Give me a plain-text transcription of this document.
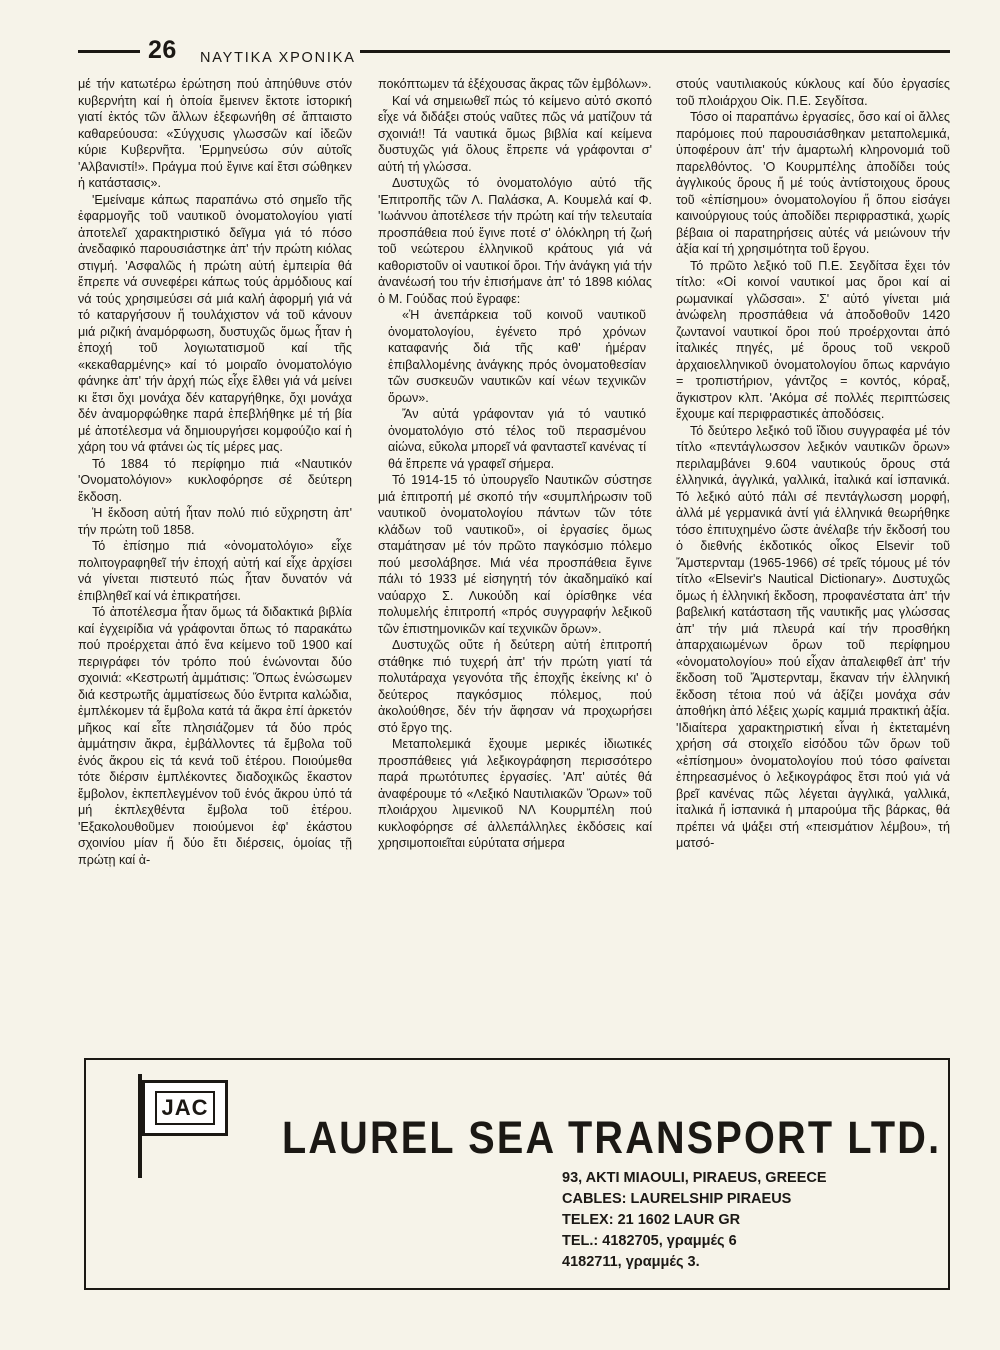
26 ΝΑΥΤΙΚΑ ΧΡΟΝΙΚΑ

μέ τήν κατωτέρω ἐρώτηση πού ἀπηύθυνε στόν κυβερνήτη καί ἡ ὁποία ἔμεινεν ἔκτοτε ἱστορική γιατί ἐκτός τῶν ἄλλων ἐξεφωνήθη σέ ἄπταιστο καθαρεύουσα: «Σύγχυσις γλωσσῶν καί ἰδεῶν κύριε Κυβερνῆτα. 'Ερμηνεύσω σύν αὐτοῖς 'Αλβανιστί!». Πράγμα πού ἔγινε καί ἔτσι σώθηκεν ἡ κατάστασις».

'Εμείναμε κάπως παραπάνω στό σημεῖο τῆς ἐφαρμογῆς τοῦ ναυτικοῦ ὀνοματολογίου γιατί ἀποτελεῖ χαρακτηριστικό δεῖγμα γιά τό πόσο ἀνεδαφικό παρουσιάστηκε ἀπ' τήν πρώτη κιόλας στιγμή. 'Ασφαλῶς ἡ πρώτη αὐτή ἐμπειρία θά ἔπρεπε νά συνεφέρει κάπως τούς ἁρμόδιους καί νά τούς χρησιμεύσει σά μιά καλή ἀφορμή γιά νά τό καταργήσουν ἤ τουλάχιστον νά τοῦ κάνουν μιά ριζική ἀναμόρφωση, δυστυχῶς ὅμως ἦταν ἡ ἐποχή τοῦ λογιωτατισμοῦ καί τῆς «κεκαθαρμένης» καί τό μοιραῖο ὀνοματολόγιο φάνηκε ἀπ' τήν ἀρχή πώς εἶχε ἔλθει γιά νά μείνει κι ἔτσι ὄχι μονάχα δέν καταργήθηκε, ὄχι μονάχα δέν ἀναμορφώθηκε παρά ἐπεβλήθηκε μέ τή βία μέ ἀποτέλεσμα νά δημιουργήσει κομφούζιο καί ἡ χάρη του νά φτάνει ὡς τίς μέρες μας.

Τό 1884 τό περίφημο πιά «Ναυτικόν 'Ονοματολόγιον» κυκλοφόρησε σέ δεύτερη ἔκδοση.

Ἡ ἔκδοση αὐτή ἦταν πολύ πιό εὔχρηστη ἀπ' τήν πρώτη τοῦ 1858.

Τό ἐπίσημο πιά «ὀνοματολόγιο» εἶχε πολιτογραφηθεῖ τήν ἐποχή αὐτή καί εἶχε ἀρχίσει νά γίνεται πιστευτό πώς ἦταν δυνατόν νά ἐπιβληθεῖ καί νά ἐπικρατήσει.

Τό ἀποτέλεσμα ἦταν ὅμως τά διδακτικά βιβλία καί ἐγχειρίδια νά γράφονται ὅπως τό παρακάτω πού προέρχεται ἀπό ἕνα κείμενο τοῦ 1900 καί περιγράφει τόν τρόπο πού ἑνώνονται δύο σχοινιά: «Κεστρωτή ἁμμάτισις: Ὅπως ἑνώσωμεν διά κεστρωτῆς ἁμματίσεως δύο ἔντριτα καλώδια, ἐμπλέκομεν τά ἔμβολα κατά τά ἄκρα ἐπί ἀρκετόν μῆκος καί εἶτε πλησιάζομεν τά δύο πρός ἁμμάτησιν ἄκρα, ἐμβάλλοντες τά ἔμβολα τοῦ ἑνός ἄκρου εἰς τά κενά τοῦ ἑτέρου. Ποιούμεθα τότε διέρσιν ἐμπλέκοντες διαδοχικῶς ἕκαστον ἔμβολον, ἐκπεπλεγμένον τοῦ ἑνός ἄκρου ὑπό τά μή ἐκπλεχθέντα ἔμβολα τοῦ ἑτέρου. 'Εξακολουθοῦμεν ποιούμενοι ἐφ' ἑκάστου σχοινίου μίαν ἤ δύο ἔτι διέρσεις, ὁμοίας τῇ πρώτῃ καί ἀ-

ποκόπτωμεν τά ἐξέχουσας ἄκρας τῶν ἐμβόλων».

Καί νά σημειωθεῖ πώς τό κείμενο αὐτό σκοπό εἶχε νά διδάξει στούς ναῦτες πῶς νά ματίζουν τά σχοινιά!! Τά ναυτικά ὅμως βιβλία καί κείμενα δυστυχῶς γιά ὅλους ἔπρεπε νά γράφονται σ' αὐτή τή γλώσσα.

Δυστυχῶς τό ὀνοματολόγιο αὐτό τῆς 'Επιτροπῆς τῶν Λ. Παλάσκα, Α. Κουμελά καί Φ. 'Ιωάννου ἀποτέλεσε τήν πρώτη καί τήν τελευταία προσπάθεια πού ἔγινε ποτέ σ' ὁλόκληρη τή ζωή τοῦ νεώτερου ἑλληνικοῦ κράτους γιά νά καθοριστοῦν οἱ ναυτικοί ὅροι. Τήν ἀνάγκη γιά τήν ἀνανέωσή του τήν ἐπισήμανε ἀπ' τό 1898 κιόλας ὁ Μ. Γούδας πού ἔγραφε:

«Ἡ ἀνεπάρκεια τοῦ κοινοῦ ναυτικοῦ ὀνοματολογίου, ἐγένετο πρό χρόνων καταφανής διά τῆς καθ' ἡμέραν ἐπιβαλλομένης ἀνάγκης πρός ὀνοματοθεσίαν τῶν συσκευῶν ναυτικῶν καί νέων τεχνικῶν ὅρων».

Ἄν αὐτά γράφονταν γιά τό ναυτικό ὀνοματολόγιο στό τέλος τοῦ περασμένου αἰώνα, εὔκολα μπορεῖ νά φανταστεῖ κανένας τί θά ἔπρεπε νά γραφεῖ σήμερα.

Τό 1914-15 τό ὑπουργεῖο Ναυτικῶν σύστησε μιά ἐπιτροπή μέ σκοπό τήν «συμπλήρωσιν τοῦ ναυτικοῦ ὀνοματολογίου πάντων τῶν τότε κλάδων τοῦ ναυτικοῦ», οἱ ἐργασίες ὅμως σταμάτησαν μέ τόν πρῶτο παγκόσμιο πόλεμο πού μεσολάβησε. Μιά νέα προσπάθεια ἔγινε πάλι τό 1933 μέ εἰσηγητή τόν ἀκαδημαϊκό καί ναύαρχο Σ. Λυκούδη καί ὁρίσθηκε νέα πολυμελής ἐπιτροπή «πρός συγγραφήν λεξικοῦ τῶν ἐπιστημονικῶν καί τεχνικῶν ὅρων».

Δυστυχῶς οὔτε ἡ δεύτερη αὐτή ἐπιτροπή στάθηκε πιό τυχερή ἀπ' τήν πρώτη γιατί τά πολυτάραχα γεγονότα τῆς ἐποχῆς ἐκείνης κι' ὁ δεύτερος παγκόσμιος πόλεμος, πού ἀκολούθησε, δέν τήν ἄφησαν νά προχωρήσει στό ἔργο της.

Μεταπολεμικά ἔχουμε μερικές ἰδιωτικές προσπάθειες γιά λεξικογράφηση περισσότερο παρά πρωτότυπες ἐργασίες. 'Απ' αὐτές θά ἀναφέρουμε τό «Λεξικό Ναυτιλιακῶν Ὅρων» τοῦ πλοιάρχου λιμενικοῦ ΝΛ Κουρμπέλη πού κυκλοφόρησε σέ ἀλλεπάλληλες ἐκδόσεις καί χρησιμοποιεῖται εὐρύτατα σήμερα

στούς ναυτιλιακούς κύκλους καί δύο ἐργασίες τοῦ πλοιάρχου Οἰκ. Π.Ε. Σεγδίτσα.

Τόσο οἱ παραπάνω ἐργασίες, ὅσο καί οἱ ἄλλες παρόμοιες πού παρουσιάσθηκαν μεταπολεμικά, ὑποφέρουν ἀπ' τήν ἁμαρτωλή κληρονομιά τοῦ παρελθόντος. 'Ο Κουρμπέλης ἀποδίδει τούς ἀγγλικούς ὅρους ἤ μέ τούς ἀντίστοιχους ὅρους τοῦ «ἐπίσημου» ὀνοματολογίου ἤ ὅπου εἰσάγει καινούργιους τούς ἀποδίδει περιφραστικά, χωρίς βέβαια οἱ παρατηρήσεις αὐτές νά μειώνουν τήν ἀξία καί τή χρησιμότητα τοῦ ἔργου.

Τό πρῶτο λεξικό τοῦ Π.Ε. Σεγδίτσα ἔχει τόν τίτλο: «Οἱ κοινοί ναυτικοί μας ὅροι καί αἱ ρωμανικαί γλῶσσαι». Σ' αὐτό γίνεται μιά ἀνώφελη προσπάθεια νά ἀποδοθοῦν 1420 ζωντανοί ναυτικοί ὅροι πού προέρχονται ἀπό ἰταλικές πηγές, μέ ὅρους τοῦ νεκροῦ ἀρχαιοελληνικοῦ ὀνοματολογίου ὅπως καρνάγιο = τροπιστήριον, γάντζος = κοντός, κόραξ, ἄγκιστρον κλπ. 'Ακόμα σέ πολλές περιπτώσεις ἔχουμε καί περιφραστικές ἀποδόσεις.

Τό δεύτερο λεξικό τοῦ ἴδιου συγγραφέα μέ τόν τίτλο «πεντάγλωσσον λεξικόν ναυτικῶν ὅρων» περιλαμβάνει 9.604 ναυτικούς ὅρους στά ἑλληνικά, ἀγγλικά, γαλλικά, ἰταλικά καί ἱσπανικά. Τό λεξικό αὐτό πάλι σέ πεντάγλωσση μορφή, ἀλλά μέ γερμανικά ἀντί γιά ἑλληνικά θεωρήθηκε τόσο ἐπιτυχημένο ὥστε ἀνέλαβε τήν ἔκδοσή του ὁ διεθνής ἐκδοτικός οἶκος Elsevir τοῦ Ἄμστερνταμ (1965-1966) σέ τρεῖς τόμους μέ τόν τίτλο «Elsevir's Nautical Dictionary». Δυστυχῶς ὅμως ἡ ἑλληνική ἔκδοση, προφανέστατα ἀπ' τήν βαβελική κατάσταση τῆς ναυτικῆς μας γλώσσας ἀπ' τήν μιά πλευρά καί τήν προσθήκη ἀπαρχαιωμένων ὅρων τοῦ περίφημου «ὀνοματολογίου» πού εἶχαν ἀπαλειφθεῖ ἀπ' τήν ἔκδοση τοῦ Ἄμστερνταμ, ἔκαναν τήν ἑλληνική ἔκδοση τέτοια πού νά ἀξίζει μονάχα σάν ἀποθήκη ἀπό λέξεις χωρίς καμμιά πρακτική ἀξία. 'Ιδιαίτερα χαρακτηριστική εἶναι ἡ ἐκτεταμένη χρήση σά στοιχεῖο εἰσόδου τῶν ὅρων τοῦ «ἐπίσημου» ὀνοματολογίου πού τόσο φαίνεται ἐπηρεασμένος ὁ λεξικογράφος ἔτσι πού γιά νά βρεῖ κανένας πῶς λέγεται ἀγγλικά, γαλλικά, ἰταλικά ἤ ἱσπανικά ἡ μπαρούμα τῆς βάρκας, θά πρέπει νά ψάξει στή «πεισμάτιον λέμβου», τή ματσό-

JAC
LAUREL SEA TRANSPORT LTD.
93, AKTI MIAOULI, PIRAEUS, GREECE
CABLES: LAURELSHIP PIRAEUS
TELEX: 21 1602 LAUR GR
TEL.: 4182705, γραμμές 6
4182711, γραμμές 3.
